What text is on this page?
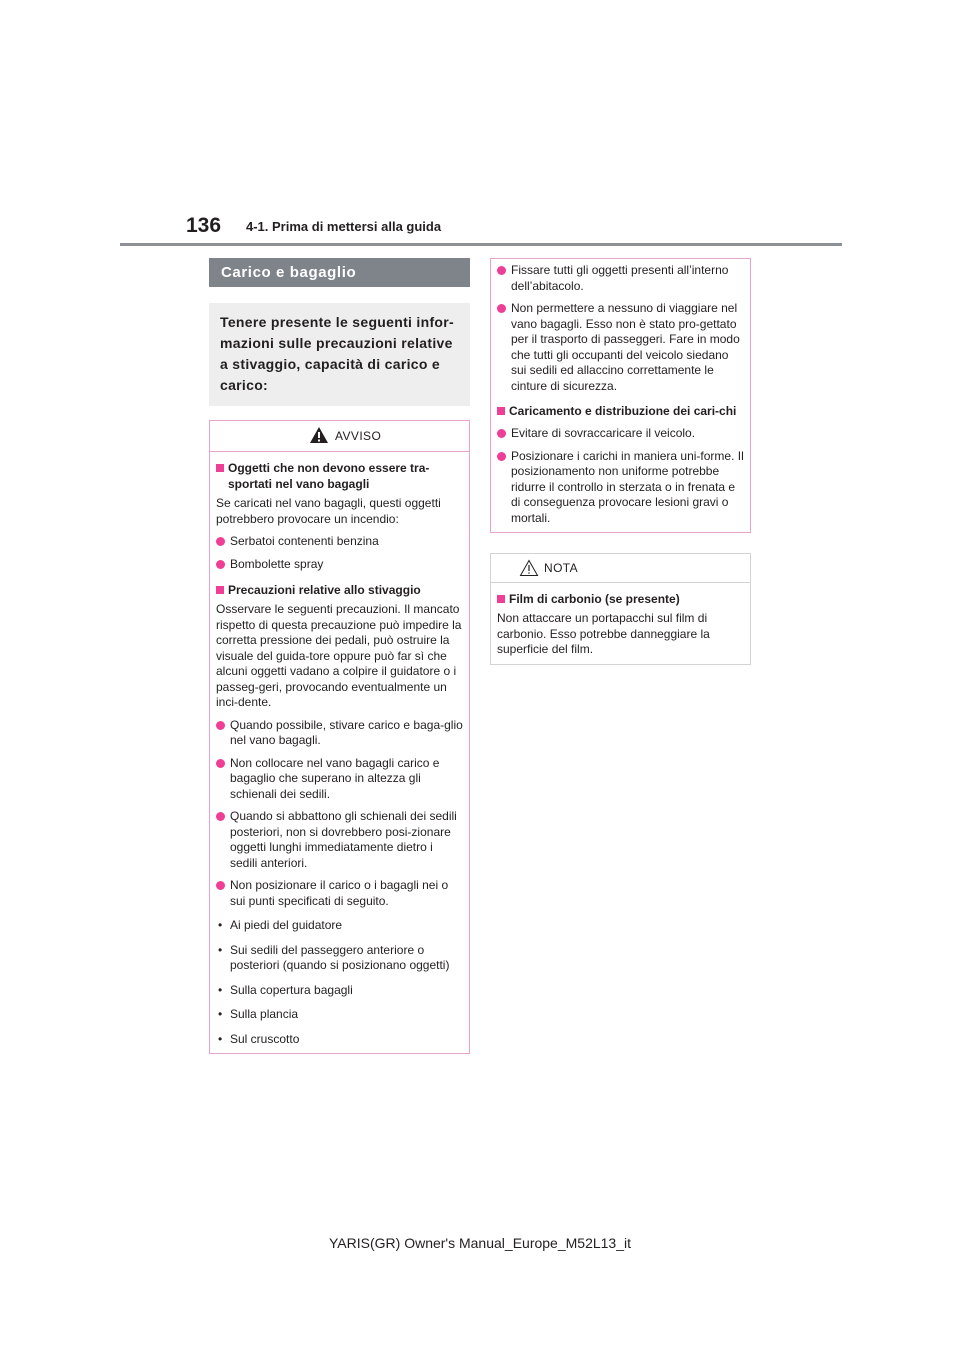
136 4-1. Prima di mettersi alla guida
Carico e bagaglio
Tenere presente le seguenti infor-mazioni sulle precauzioni relative a stivaggio, capacità di carico e carico:
AVVISO
Oggetti che non devono essere tra-sportati nel vano bagagli
Se caricati nel vano bagagli, questi oggetti potrebbero provocare un incendio:
Serbatoi contenenti benzina
Bombolette spray
Precauzioni relative allo stivaggio
Osservare le seguenti precauzioni. Il mancato rispetto di questa precauzione può impedire la corretta pressione dei pedali, può ostruire la visuale del guida-tore oppure può far sì che alcuni oggetti vadano a colpire il guidatore o i passeg-geri, provocando eventualmente un inci-dente.
Quando possibile, stivare carico e baga-glio nel vano bagagli.
Non collocare nel vano bagagli carico e bagaglio che superano in altezza gli schienali dei sedili.
Quando si abbattono gli schienali dei sedili posteriori, non si dovrebbero posi-zionare oggetti lunghi immediatamente dietro i sedili anteriori.
Non posizionare il carico o i bagagli nei o sui punti specificati di seguito.
• Ai piedi del guidatore
• Sui sedili del passeggero anteriore o posteriori (quando si posizionano oggetti)
• Sulla copertura bagagli
• Sulla plancia
• Sul cruscotto
Fissare tutti gli oggetti presenti all’interno dell’abitacolo.
Non permettere a nessuno di viaggiare nel vano bagagli. Esso non è stato pro-gettato per il trasporto di passeggeri. Fare in modo che tutti gli occupanti del veicolo siedano sui sedili ed allaccino correttamente le cinture di sicurezza.
Caricamento e distribuzione dei cari-chi
Evitare di sovraccaricare il veicolo.
Posizionare i carichi in maniera uni-forme. Il posizionamento non uniforme potrebbe ridurre il controllo in sterzata o in frenata e di conseguenza provocare lesioni gravi o mortali.
NOTA
Film di carbonio (se presente)
Non attaccare un portapacchi sul film di carbonio. Esso potrebbe danneggiare la superficie del film.
YARIS(GR) Owner's Manual_Europe_M52L13_it
